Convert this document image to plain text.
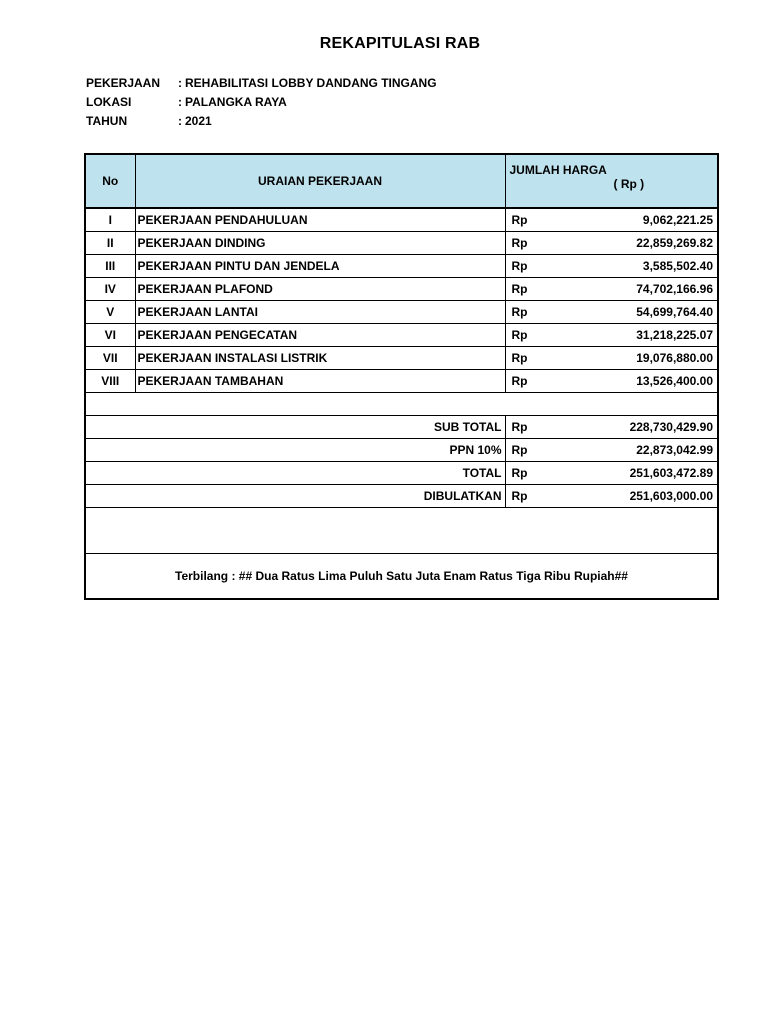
REKAPITULASI RAB
PEKERJAAN : REHABILITASI LOBBY DANDANG TINGANG
LOKASI	: PALANGKA RAYA
TAHUN	: 2021
No	URAIAN PEKERJAAN	JUMLAH HARGA
( Rp )	

I	PEKERJAAN PENDAHULUAN	Rp	9,062,221.25
II	PEKERJAAN DINDING	Rp	22,859,269.82
III	PEKERJAAN PINTU DAN JENDELA	Rp	3,585,502.40
IV	PEKERJAAN PLAFOND	Rp	74,702,166.96
V	PEKERJAAN LANTAI	Rp	54,699,764.40
VI	PEKERJAAN PENGECATAN	Rp	31,218,225.07
VII	PEKERJAAN INSTALASI LISTRIK	Rp	19,076,880.00
VIII	PEKERJAAN TAMBAHAN	Rp	13,526,400.00

SUB TOTAL		Rp	228,730,429.90
PPN 10%		Rp	22,873,042.99
TOTAL		Rp	251,603,472.89
DIBULATKAN		Rp	251,603,000.00

Terbilang : ## Dua Ratus Lima Puluh Satu Juta Enam Ratus Tiga Ribu Rupiah##			
